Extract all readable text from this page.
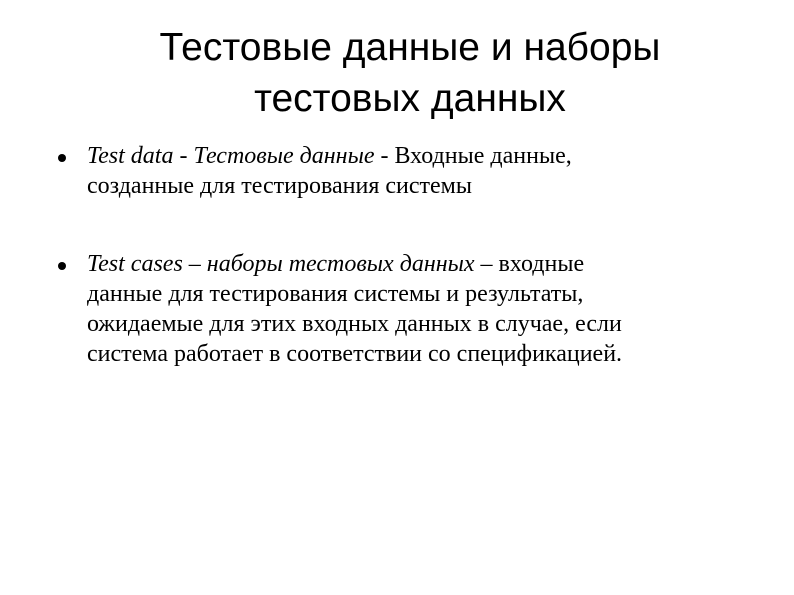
Тестовые данные и наборы
тестовых данных
Test data - Тестовые данные - Входные данные,
созданные для тестирования системы
Test cases – наборы тестовых данных – входные
данные для тестирования системы и результаты,
ожидаемые для этих входных данных в случае, если
система работает в соответствии со спецификацией.
